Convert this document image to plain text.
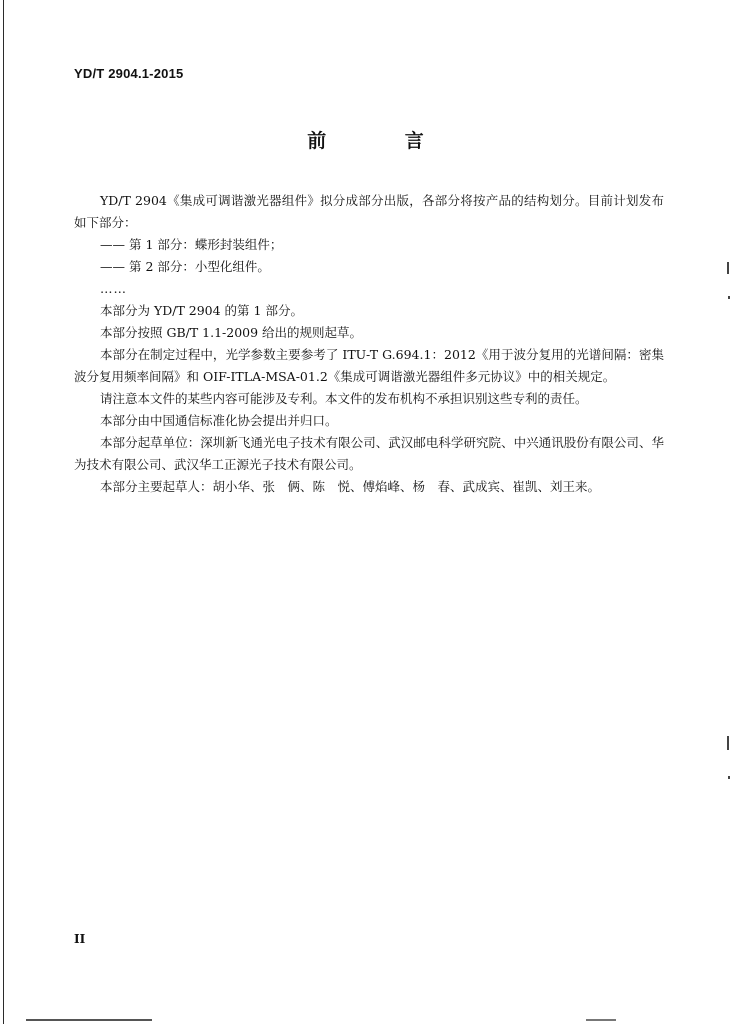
YD/T 2904.1-2015
前 言

YD/T 2904《集成可调谐激光器组件》拟分成部分出版，各部分将按产品的结构划分。目前计划发布如下部分：

—— 第 1 部分：蝶形封装组件；

—— 第 2 部分：小型化组件。

……

本部分为 YD/T 2904 的第 1 部分。

本部分按照 GB/T 1.1-2009 给出的规则起草。

本部分在制定过程中，光学参数主要参考了 ITU-T G.694.1：2012《用于波分复用的光谱间隔：密集波分复用频率间隔》和 OIF-ITLA-MSA-01.2《集成可调谐激光器组件多元协议》中的相关规定。

请注意本文件的某些内容可能涉及专利。本文件的发布机构不承担识别这些专利的责任。

本部分由中国通信标准化协会提出并归口。

本部分起草单位：深圳新飞通光电子技术有限公司、武汉邮电科学研究院、中兴通讯股份有限公司、华为技术有限公司、武汉华工正源光子技术有限公司。

本部分主要起草人：胡小华、张　俩、陈　悦、傅焰峰、杨　春、武成宾、崔凯、刘王来。

II
